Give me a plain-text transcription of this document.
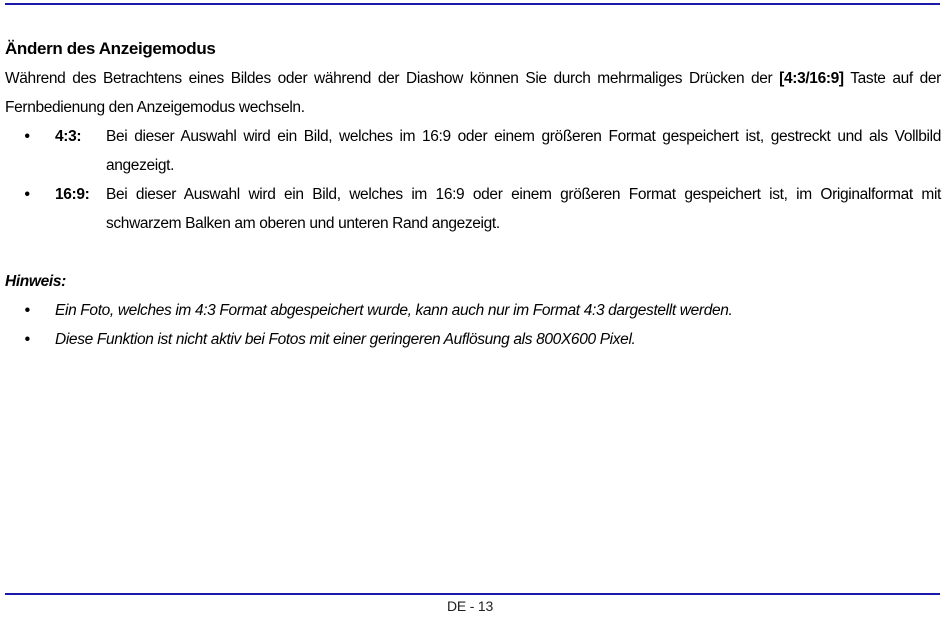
Ändern des Anzeigemodus

Während des Betrachtens eines Bildes oder während der Diashow können Sie durch mehrmaliges Drücken der [4:3/16:9] Taste auf der Fernbedienung den Anzeigemodus wechseln.

• 4:3: Bei dieser Auswahl wird ein Bild, welches im 16:9 oder einem größeren Format gespeichert ist, gestreckt und als Vollbild angezeigt.
• 16:9: Bei dieser Auswahl wird ein Bild, welches im 16:9 oder einem größeren Format gespeichert ist, im Originalformat mit schwarzem Balken am oberen und unteren Rand angezeigt.

Hinweis:

• Ein Foto, welches im 4:3 Format abgespeichert wurde, kann auch nur im Format 4:3 dargestellt werden.
• Diese Funktion ist nicht aktiv bei Fotos mit einer geringeren Auflösung als 800X600 Pixel.
DE - 13
